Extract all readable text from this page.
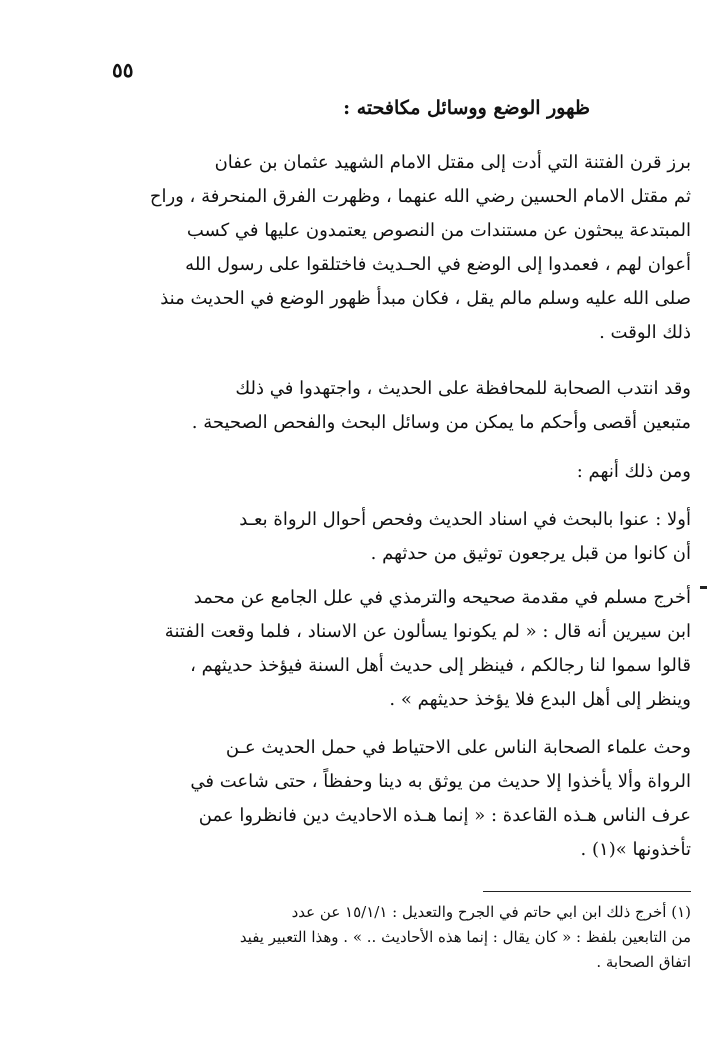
٥٥
ظهور الوضع ووسائل مكافحته :
برز قرن الفتنة التي أدت إلى مقتل الامام الشهيد عثمان بن عفان
ثم مقتل الامام الحسين رضي الله عنهما ، وظهرت الفرق المنحرفة ، وراح
المبتدعة يبحثون عن مستندات من النصوص يعتمدون عليها في كسب
أعوان لهم ، فعمدوا إلى الوضع في الحـديث فاختلقوا على رسول الله
صلى الله عليه وسلم مالم يقل ، فكان مبدأ ظهور الوضع في الحديث منذ
ذلك الوقت .
وقد انتدب الصحابة للمحافظة على الحديث ، واجتهدوا في ذلك
متبعين أقصى وأحكم ما يمكن من وسائل البحث والفحص الصحيحة .
ومن ذلك أنهم :
أولا : عنوا بالبحث في اسناد الحديث وفحص أحوال الرواة بعـد
أن كانوا من قبل يرجعون توثيق من حدثهم .
أخرج مسلم في مقدمة صحيحه والترمذي في علل الجامع عن محمد
ابن سيرين أنه قال : « لم يكونوا يسألون عن الاسناد ، فلما وقعت الفتنة
قالوا سموا لنا رجالكم ، فينظر إلى حديث أهل السنة فيؤخذ حديثهم ،
وينظر إلى أهل البدع فلا يؤخذ حديثهم » .
وحث علماء الصحابة الناس على الاحتياط في حمل الحديث عـن
الرواة وألا يأخذوا إلا حديث من يوثق به دينا وحفظاً ، حتى شاعت في
عرف الناس هـذه القاعدة : « إنما هـذه الاحاديث دين فانظروا عمن
تأخذونها »(١) .
(١) أخرج ذلك ابن ابي حاتم في الجرح والتعديل : ١٥/١/١ عن عدد
من التابعين بلفظ : « كان يقال : إنما هذه الأحاديث .. » . وهذا التعبير يفيد
اتفاق الصحابة .
